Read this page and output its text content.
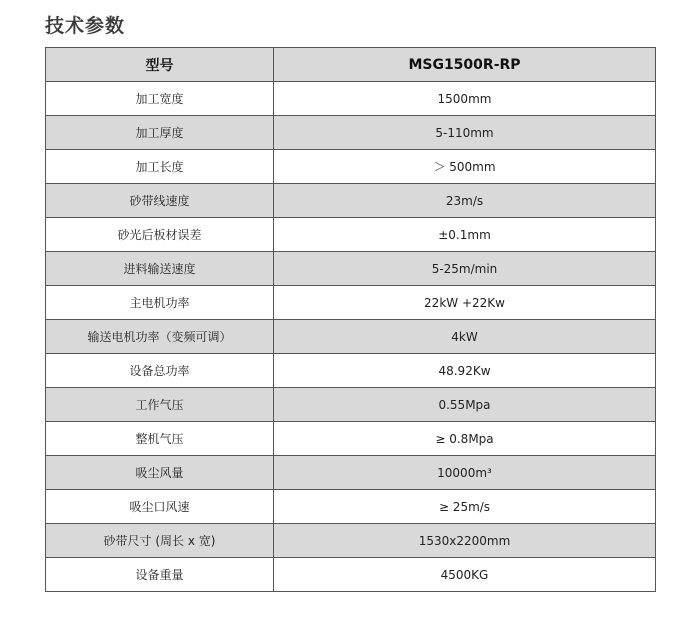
技术参数
型号	MSG1500R-RP
加工宽度	1500mm
加工厚度	5-110mm
加工长度	＞ 500mm
砂带线速度	23m/s
砂光后板材误差	±0.1mm
进料输送速度	5-25m/min
主电机功率	22kW +22Kw
输送电机功率（变频可调）	4kW
设备总功率	48.92Kw
工作气压	0.55Mpa
整机气压	≥ 0.8Mpa
吸尘风量	10000m³
吸尘口风速	≥ 25m/s
砂带尺寸 (周长 x 宽)	1530x2200mm
设备重量	4500KG
